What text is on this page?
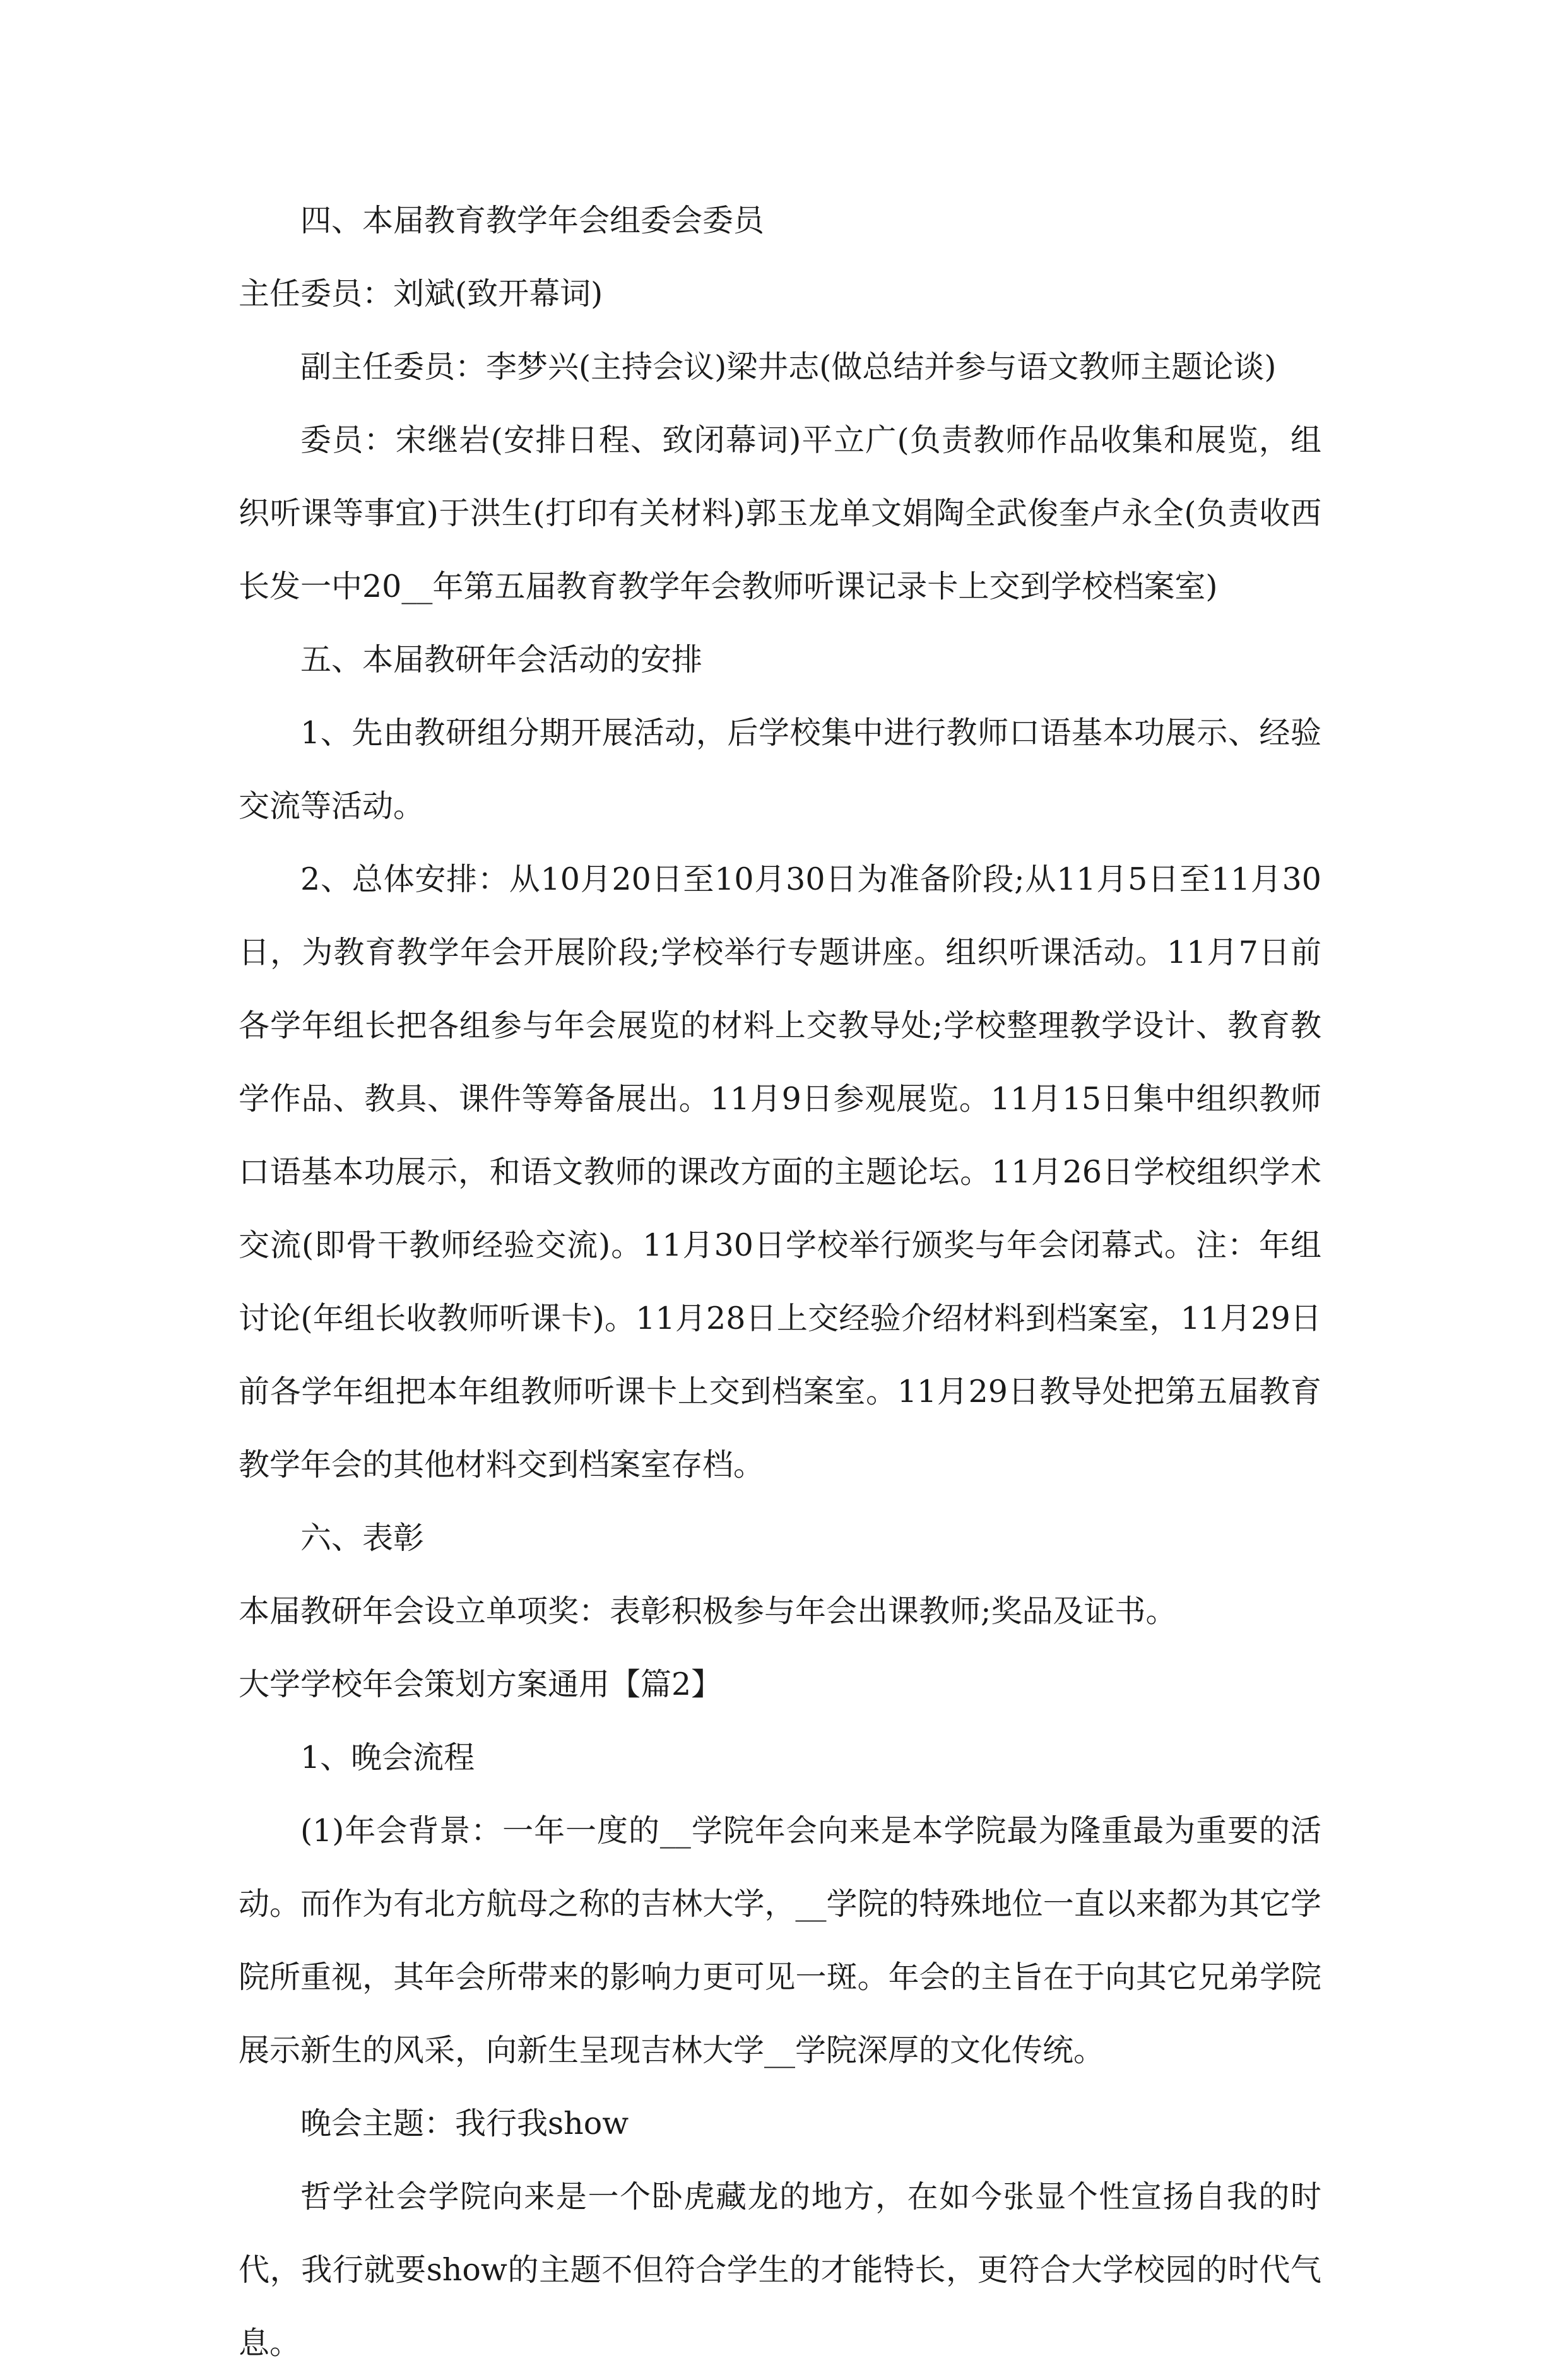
四、本届教育教学年会组委会委员

主任委员：刘斌(致开幕词)

副主任委员：李梦兴(主持会议)梁井志(做总结并参与语文教师主题论谈)

委员：宋继岩(安排日程、致闭幕词)平立广(负责教师作品收集和展览，组织听课等事宜)于洪生(打印有关材料)郭玉龙单文娟陶全武俊奎卢永全(负责收西长发一中20__年第五届教育教学年会教师听课记录卡上交到学校档案室)

五、本届教研年会活动的安排

1、先由教研组分期开展活动，后学校集中进行教师口语基本功展示、经验交流等活动。

2、总体安排：从10月20日至10月30日为准备阶段;从11月5日至11月30日，为教育教学年会开展阶段;学校举行专题讲座。组织听课活动。11月7日前各学年组长把各组参与年会展览的材料上交教导处;学校整理教学设计、教育教学作品、教具、课件等筹备展出。11月9日参观展览。11月15日集中组织教师口语基本功展示，和语文教师的课改方面的主题论坛。11月26日学校组织学术交流(即骨干教师经验交流)。11月30日学校举行颁奖与年会闭幕式。注：年组讨论(年组长收教师听课卡)。11月28日上交经验介绍材料到档案室，11月29日前各学年组把本年组教师听课卡上交到档案室。11月29日教导处把第五届教育教学年会的其他材料交到档案室存档。

六、表彰

本届教研年会设立单项奖：表彰积极参与年会出课教师;奖品及证书。

大学学校年会策划方案通用【篇2】

1、晚会流程

(1)年会背景：一年一度的__学院年会向来是本学院最为隆重最为重要的活动。而作为有北方航母之称的吉林大学，__学院的特殊地位一直以来都为其它学院所重视，其年会所带来的影响力更可见一斑。年会的主旨在于向其它兄弟学院展示新生的风采，向新生呈现吉林大学__学院深厚的文化传统。

晚会主题：我行我show

哲学社会学院向来是一个卧虎藏龙的地方，在如今张显个性宣扬自我的时代，我行就要show的主题不但符合学生的才能特长，更符合大学校园的时代气息。
